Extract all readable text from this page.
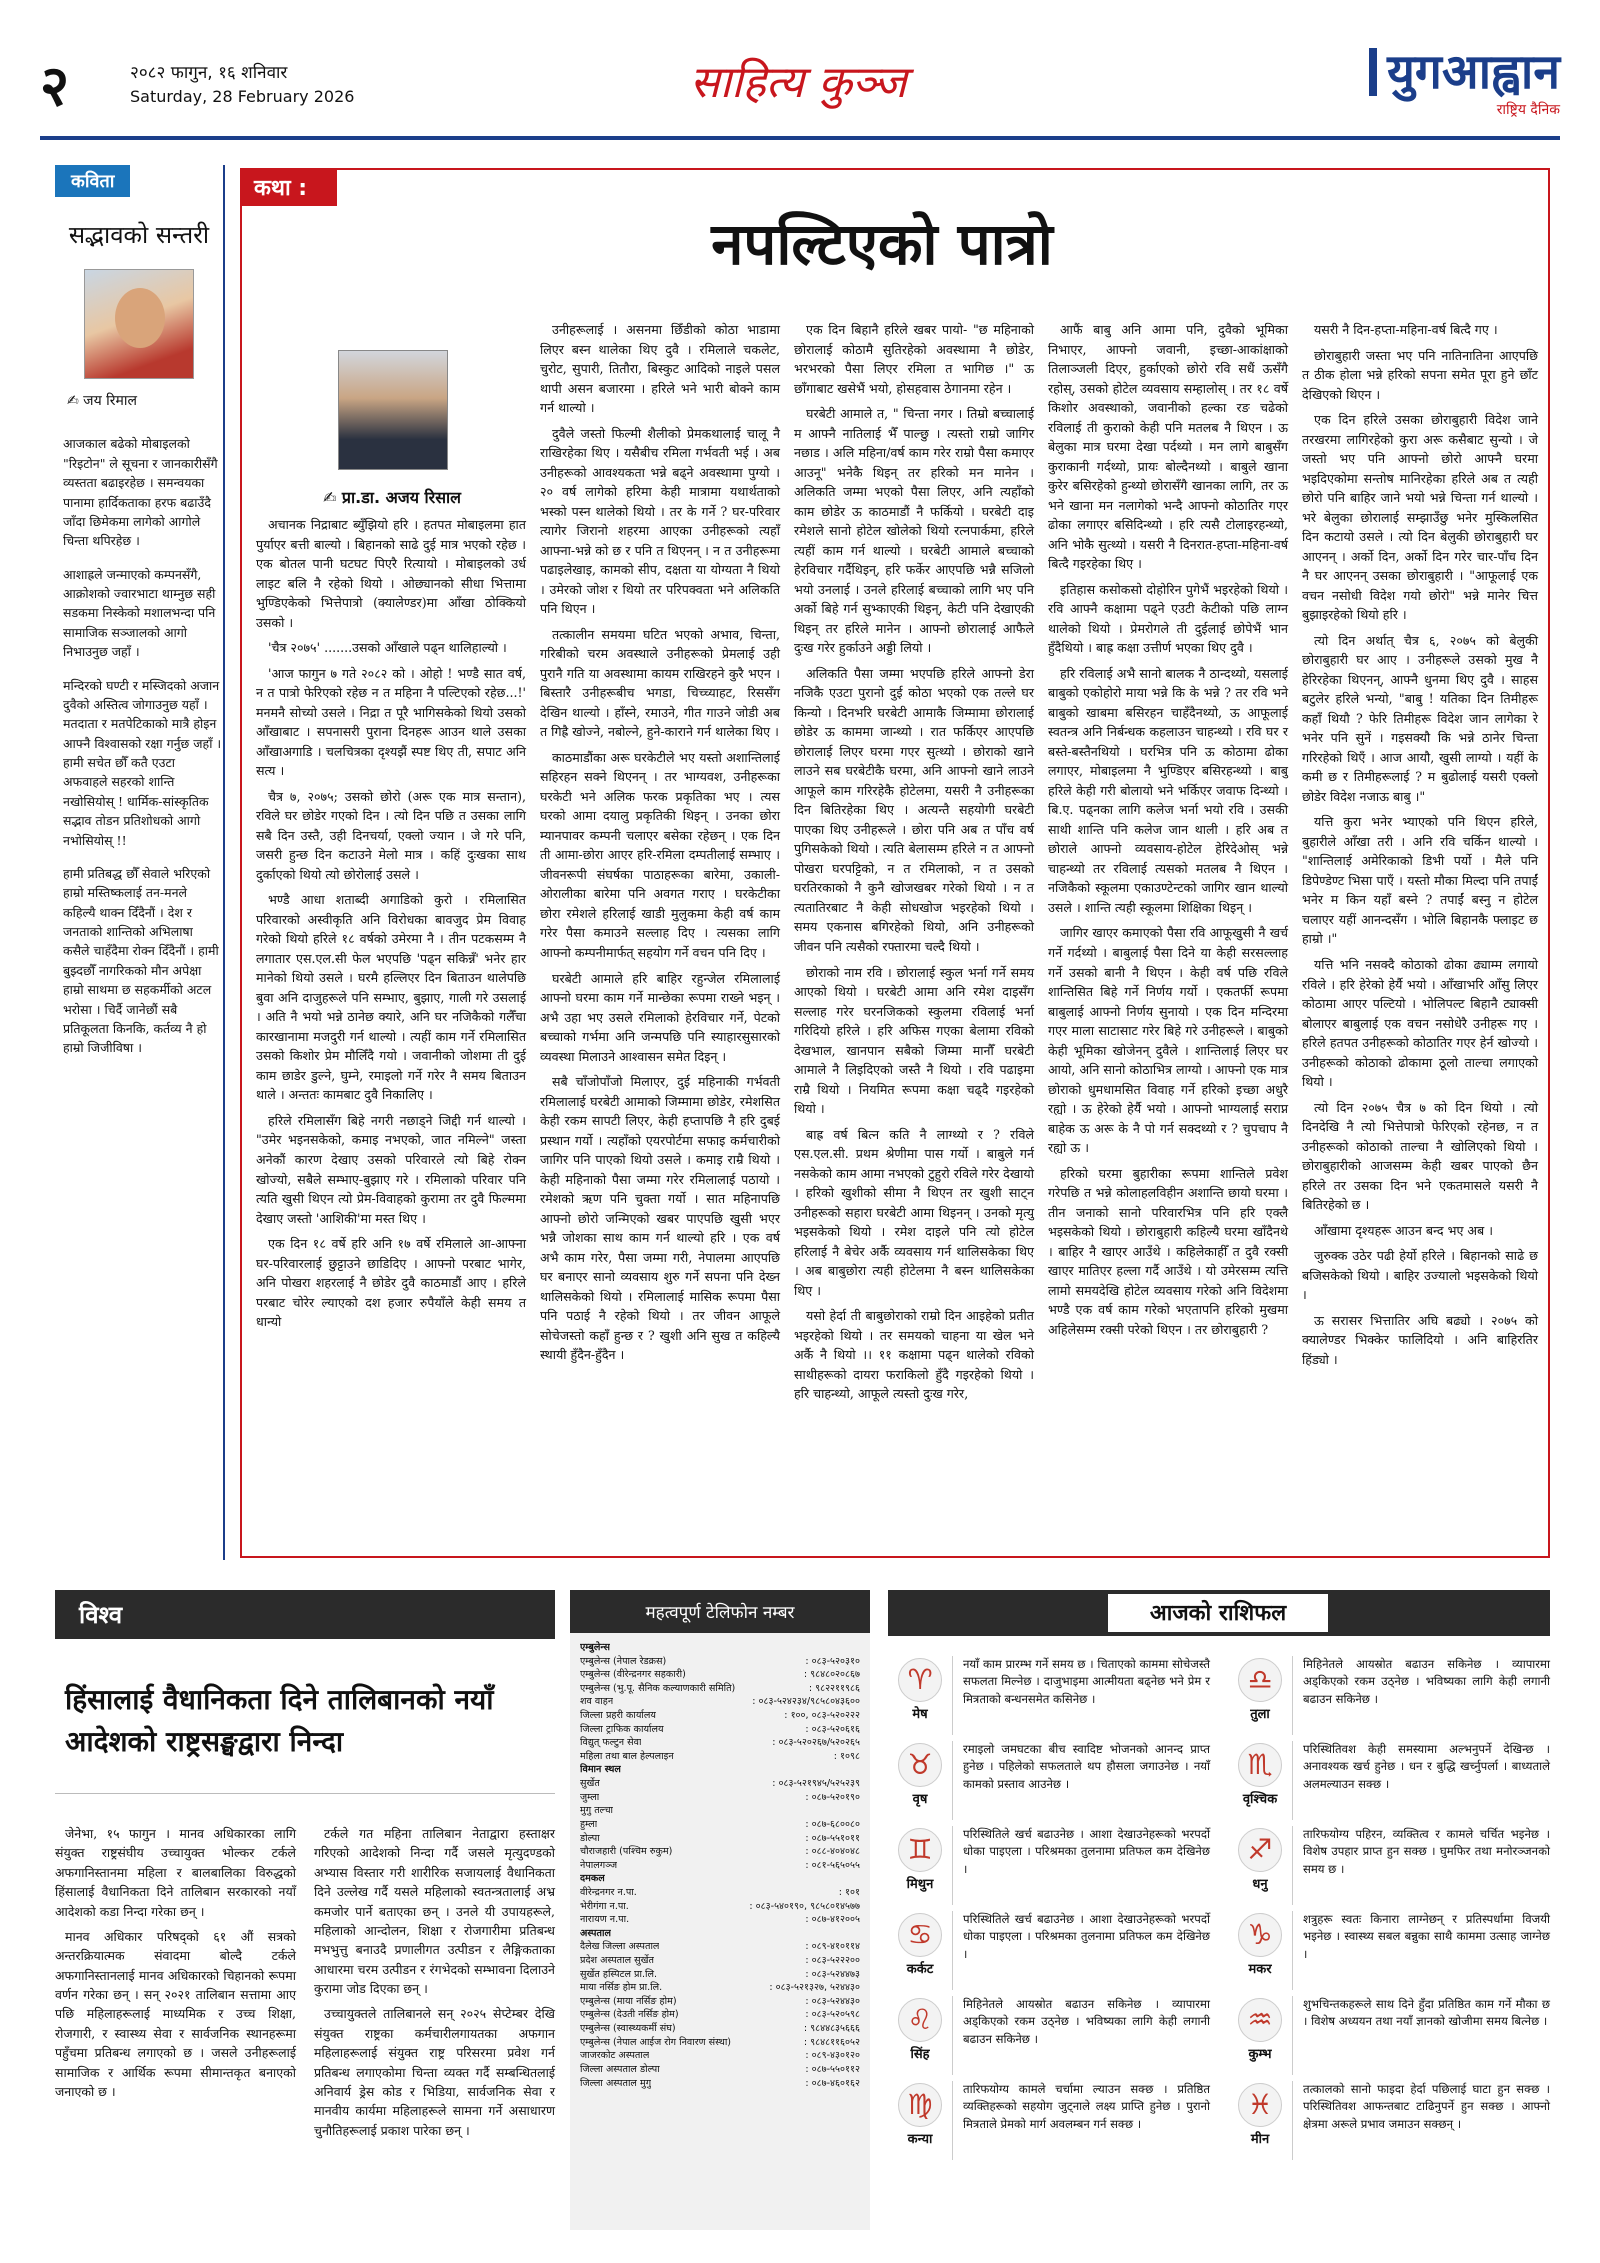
२	२०८२ फागुन, १६ शनिवार
Saturday, 28 February 2026	साहित्य कुञ्ज	युगआह्वान
राष्ट्रिय दैनिक
कविता
सद्भावको सन्तरी
✍ जय रिमाल

आजकाल बढेको मोबाइलको "रिइटोन" ले सूचना र जानकारीसँगै व्यस्तता बढाइरहेछ । समन्वयका पानामा हार्दिकताका हरफ बढाउँदै जाँदा छिमेकमा लागेको आगोले चिन्ता थपिरहेछ ।

आशाह्रले जन्माएको कम्पनसँगै, आक्रोशको ज्वारभाटा थाम्नुछ सही सडकमा निस्केको मशालभन्दा पनि सामाजिक सञ्जालको आगो निभाउनुछ जहाँ ।

मन्दिरको घण्टी र मस्जिदको अजान दुवैको अस्तित्व जोगाउनुछ यहाँ । मतदाता र मतपेटिकाको मात्रै होइन आफ्नै विश्वासको रक्षा गर्नुछ जहाँ । हामी सचेत छौँ कतै एउटा अफवाहले सहरको शान्ति नखोसियोस् ! धार्मिक-सांस्कृतिक सद्भाव तोडन प्रतिशोधको आगो नभोसियोस् !!

हामी प्रतिबद्ध छौँ सेवाले भरिएको हाम्रो मस्तिष्कलाई तन-मनले कहिल्यै थाक्न दिँदैनौं । देश र जनताको शान्तिको अभिलाषा कसैले चाहँदैमा रोक्न दिँदैनौं । हामी बुझ्दछौँ नागरिकको मौन अपेक्षा हाम्रो साथमा छ सहकर्मीको अटल भरोसा । चिर्दै जानेछौं सबै प्रतिकूलता किनकि, कर्तव्य नै हो हाम्रो जिजीविषा ।

कथा :
नपल्टिएको पात्रो
✍ प्रा.डा. अजय रिसाल

अचानक निद्राबाट ब्युँझियो हरि । हतपत मोबाइलमा हात पुर्याएर बत्ती बाल्यो । बिहानको साढे दुई मात्र भएको रहेछ । एक बोतल पानी घटघट पिएरै रित्यायो । मोबाइलको उर्ध लाइट बलि नै रहेको थियो । ओछ्यानको सीधा भित्तामा भुण्डिएकेको भित्तेपात्रो (क्यालेण्डर)मा आँखा ठोक्कियो उसको ।

'चैत्र २०७५' .......उसको आँखाले पढ्न थालिहाल्यो ।

'आज फागुन ७ गते २०८२ को । ओहो ! भण्डै सात वर्ष, न त पात्रो फेरिएको रहेछ न त महिना नै पल्टिएको रहेछ...!' मनमनै सोच्यो उसले । निद्रा त पूरै भागिसकेको थियो उसको आँखाबाट । सपनासरी पुराना दिनहरू आउन थाले उसका आँखाअगाडि । चलचित्रका दृश्यझैं स्पष्ट थिए ती, सपाट अनि सत्य ।

चैत्र ७, २०७५; उसको छोरो (अरू एक मात्र सन्तान), रविले घर छोडेर गएको दिन । त्यो दिन पछि त उसका लागि सबै दिन उस्तै, उही दिनचर्या, एक्लो ज्यान । जे गरे पनि, जसरी हुन्छ दिन कटाउने मेलो मात्र । कहिं दुःखका साथ दुर्काएको थियो त्यो छोरोलाई उसले ।

भण्डै आधा शताब्दी अगाडिको कुरो । रमिलासित परिवारको अस्वीकृति अनि विरोधका बावजुद प्रेम विवाह गरेको थियो हरिले १८ वर्षको उमेरमा नै । तीन पटकसम्म नै लगातार एस.एल.सी फेल भएपछि 'पढ्न सकिन्नँ' भनेर हार मानेको थियो उसले । घरमै हल्लिएर दिन बिताउन थालेपछि बुवा अनि दाजुहरूले पनि सम्भाए, बुझाए, गाली गरे उसलाई । अति नै भयो भन्ने ठानेछ क्यारे, अनि घर नजिकैको गलैँचा कारखानामा मजदुरी गर्न थाल्यो । त्यहीं काम गर्ने रमिलासित उसको किशोर प्रेम मौलिँदै गयो । जवानीको जोशमा ती दुई काम छाडेर डुल्ने, घुम्ने, रमाइलो गर्ने गरेर नै समय बिताउन थाले । अन्ततः कामबाट दुवै निकालिए ।

हरिले रमिलासँग बिहे नगरी नछाड्ने जिद्दी गर्न थाल्यो । "उमेर भइनसकेको, कमाइ नभएको, जात नमिल्ने" जस्ता अनेकौं कारण देखाए उसको परिवारले त्यो बिहे रोक्न खोज्यो, सबैले सम्भाए-बुझाए गरे । रमिलाको परिवार पनि त्यति खुसी थिएन त्यो प्रेम-विवाहको कुरामा तर दुवै फिल्ममा देखाए जस्तो 'आशिकी'मा मस्त थिए ।

एक दिन १८ वर्षे हरि अनि १७ वर्षे रमिलाले आ-आफ्ना घर-परिवारलाई छुट्टाउने छाडिदिए । आफ्नो परबाट भागेर, अनि पोखरा शहरलाई नै छोडेर दुवै काठमाडौं आए । हरिले परबाट चोरेर ल्याएको दश हजार रुपैयाँले केही समय त धान्यो

उनीहरूलाई । असनमा छिँडीको कोठा भाडामा लिएर बस्न थालेका थिए दुवै । रमिलाले चकलेट, चुरोट, सुपारी, तितौरा, बिस्कुट आदिको नाइले पसल थापी असन बजारमा । हरिले भने भारी बोक्ने काम गर्न थाल्यो ।

दुवैले जस्तो फिल्मी शैलीको प्रेमकथालाई चालू नै राखिरहेका थिए । यसैबीच रमिला गर्भवती भई । अब उनीहरूको आवश्यकता भन्ने बढ्ने अवस्थामा पुग्यो । २० वर्ष लागेको हरिमा केही मात्रामा यथार्थताको भस्को पस्न थालेको थियो । तर के गर्ने ? घर-परिवार त्यागेर जिरानो शहरमा आएका उनीहरूको त्यहाँ आफ्ना-भन्ने को छ र पनि त थिएनन् । न त उनीहरूमा पढाइलेखाइ, कामको सीप, दक्षता या योग्यता नै थियो । उमेरको जोश र थियो तर परिपक्वता भने अलिकति पनि थिएन ।

तत्कालीन समयमा घटित भएको अभाव, चिन्ता, गरिबीको चरम अवस्थाले उनीहरूको प्रेमलाई उही पुरानै गति या अवस्थामा कायम राखिरहने कुरै भएन । बिस्तारै उनीहरूबीच भगडा, चिच्च्याहट, रिससँग देखिन थाल्यो । हाँस्ने, रमाउने, गीत गाउने जोडी अब त गिह्रै खोज्ने, नबोल्ने, हुने-काराने गर्न थालेका थिए ।

काठमाडौंका अरू घरकेटीले भए यस्तो अशान्तिलाई सहिरहन सक्ने थिएनन् । तर भाग्यवश, उनीहरूका घरकेटी भने अलिक फरक प्रकृतिका भए । त्यस घरको आमा दयालु प्रकृतिकी थिइन् । उनका छोरा म्यानपावर कम्पनी चलाएर बसेका रहेछन् । एक दिन ती आमा-छोरा आएर हरि-रमिला दम्पतीलाई सम्भाए । जीवनरूपी संघर्षका पाठाहरूका बारेमा, उकाली-ओरालीका बारेमा पनि अवगत गराए । घरकेटीका छोरा रमेशले हरिलाई खाडी मुलुकमा केही वर्ष काम गरेर पैसा कमाउने सल्लाह दिए । त्यसका लागि आफ्नो कम्पनीमार्फत् सहयोग गर्ने वचन पनि दिए ।

घरबेटी आमाले हरि बाहिर रहुन्जेल रमिलालाई आफ्नो घरमा काम गर्ने मान्छेका रूपमा राख्ने भइन् । अभै उहा भए उसले रमिलाको हेरविचार गर्ने, पेटको बच्चाको गर्भमा अनि जन्मपछि पनि स्याहारसुसारको व्यवस्था मिलाउने आश्वासन समेत दिइन् ।

सबै चाँजोपाँजो मिलाएर, दुई महिनाकी गर्भवती रमिलालाई घरबेटी आमाको जिम्मामा छोडेर, रमेशसित केही रकम सापटी लिएर, केही हप्तापछि नै हरि दुबई प्रस्थान गर्यो । त्यहाँको एयरपोर्टमा सफाइ कर्मचारीको जागिर पनि पाएको थियो उसले । कमाइ राम्रै थियो । केही महिनाको पैसा जम्मा गरेर रमिलालाई पठायो । रमेशको ऋण पनि चुक्ता गर्यो । सात महिनापछि आफ्नो छोरो जन्मिएको खबर पाएपछि खुसी भएर भन्नै जोशका साथ काम गर्न थाल्यो हरि । एक वर्ष अभै काम गरेर, पैसा जम्मा गरी, नेपालमा आएपछि घर बनाएर सानो व्यवसाय शुरु गर्ने सपना पनि देख्न थालिसकेको थियो । रमिलालाई मासिक रूपमा पैसा पनि पठाई नै रहेको थियो । तर जीवन आफूले सोचेजस्तो कहाँ हुन्छ र ? खुशी अनि सुख त कहिल्यै स्थायी हुँदैन-हुँदैन ।

एक दिन बिहानै हरिले खबर पायो- "छ महिनाको छोरालाई कोठामै सुतिरहेको अवस्थामा नै छोडेर, भरभरको पैसा लिएर रमिला त भागिछ ।" ऊ छाँगाबाट खसेभैं भयो, होसहवास ठेगानमा रहेन ।

घरबेटी आमाले त, " चिन्ता नगर । तिम्रो बच्चालाई म आफ्नै नातिलाई भैँ पाल्छु । त्यस्तो राम्रो जागिर नछाड । अलि महिना/वर्ष काम गरेर राम्रो पैसा कमाएर आउनू" भनेकै थिइन् तर हरिको मन मानेन । अलिकति जम्मा भएको पैसा लिएर, अनि त्यहाँको काम छोडेर ऊ काठमाडौं नै फर्कियो । घरबेटी दाइ रमेशले सानो होटेल खोलेको थियो रत्नपार्कमा, हरिले त्यहीं काम गर्न थाल्यो । घरबेटी आमाले बच्चाको हेरविचार गर्दैथिइन्, हरि फर्केर आएपछि भन्नै सजिलो भयो उनलाई । उनले हरिलाई बच्चाको लागि भए पनि अर्को बिहे गर्न सुभ्काएकी थिइन्, केटी पनि देखाएकी थिइन् तर हरिले मानेन । आफ्नो छोरालाई आफैले दुःख गरेर हुर्काउने अड्डी लियो ।

अलिकति पैसा जम्मा भएपछि हरिले आफ्नो डेरा नजिकै एउटा पुरानो दुई कोठा भएको एक तल्ले घर किन्यो । दिनभरि घरबेटी आमाकै जिम्मामा छोरालाई छोडेर ऊ काममा जान्थ्यो । रात फर्किएर आएपछि छोरालाई लिएर घरमा गएर सुत्थ्यो । छोराको खाने लाउने सब घरबेटीकै घरमा, अनि आफ्नो खाने लाउने आफूले काम गरिरहेकै होटेलमा, यसरी नै उनीहरूका दिन बितिरहेका थिए । अत्यन्तै सहयोगी घरबेटी पाएका थिए उनीहरूले । छोरा पनि अब त पाँच वर्ष पुगिसकेको थियो । त्यति बेलासम्म हरिले न त आफ्नो पोखरा घरपट्टिको, न त रमिलाको, न त उसको घरतिरकाको नै कुनै खोजखबर गरेको थियो । न त त्यतातिरबाट नै केही सोधखोज भइरहेको थियो । समय एकनास बगिरहेको थियो, अनि उनीहरूको जीवन पनि त्यसैको रफ्तारमा चल्दै थियो ।

छोराको नाम रवि । छोरालाई स्कुल भर्ना गर्ने समय आएको थियो । घरबेटी आमा अनि रमेश दाइसँग सल्लाह गरेर घरनजिकको स्कुलमा रविलाई भर्ना गरिदियो हरिले । हरि अफिस गएका बेलामा रविको देखभाल, खानपान सबैको जिम्मा मानौँ घरबेटी आमाले नै लिइदिएको जस्तै नै थियो । रवि पढाइमा राम्रै थियो । नियमित रूपमा कक्षा चढ्दै गइरहेको थियो ।

बाह्र वर्ष बित्न कति नै लाग्थ्यो र ? रविले एस.एल.सी. प्रथम श्रेणीमा पास गर्यो । बाबुले गर्न नसकेको काम आमा नभएको टुहुरो रविले गरेर देखायो । हरिको खुशीको सीमा नै थिएन तर खुशी साट्न उनीहरूको सहारा घरबेटी आमा थिइनन् । उनको मृत्यु भइसकेको थियो । रमेश दाइले पनि त्यो होटेल हरिलाई नै बेचेर अर्कै व्यवसाय गर्न थालिसकेका थिए । अब बाबुछोरा त्यही होटेलमा नै बस्न थालिसकेका थिए ।

यसो हेर्दा ती बाबुछोराको राम्रो दिन आइहेको प्रतीत भइरहेको थियो । तर समयको चाहना या खेल भने अर्कै नै थियो ।। ११ कक्षामा पढ्न थालेको रविको साथीहरूको दायरा फराकिलो हुँदै गइरहेको थियो । हरि चाहन्थ्यो, आफूले त्यस्तो दुःख गरेर,

आफैं बाबु अनि आमा पनि, दुवैको भूमिका निभाएर, आफ्नो जवानी, इच्छा-आकांक्षाको तिलाञ्जली दिएर, हुर्काएको छोरो रवि सधैं ऊसँगै रहोस्, उसको होटेल व्यवसाय सम्हालोस् । तर १८ वर्षे किशोर अवस्थाको, जवानीको हल्का रङ चढेको रविलाई ती कुराको केही पनि मतलब नै थिएन । ऊ बेलुका मात्र घरमा देखा पर्दथ्यो । मन लागे बाबुसँग कुराकानी गर्दथ्यो, प्रायः बोल्दैनथ्यो । बाबुले खाना कुरेर बसिरहेको हुन्थ्यो छोरासँगै खानका लागि, तर ऊ भने खाना मन नलागेको भन्दै आफ्नो कोठातिर गएर ढोका लगाएर बसिदिन्थ्यो । हरि त्यसै टोलाइरहन्थ्यो, अनि भोकै सुत्थ्यो । यसरी नै दिनरात-हप्ता-महिना-वर्ष बित्दै गइरहेका थिए ।

इतिहास कसोकसो दोहोरिन पुगेभैं भइरहेको थियो । रवि आफ्नै कक्षामा पढ्ने एउटी केटीको पछि लाग्न थालेको थियो । प्रेमरोगले ती दुईलाई छोपेभैं भान हुँदैथियो । बाह्र कक्षा उत्तीर्ण भएका थिए दुवै ।

हरि रविलाई अभै सानो बालक नै ठान्दथ्यो, यसलाई बाबुको एकोहोरो माया भन्ने कि के भन्ने ? तर रवि भने बाबुको खाबमा बसिरहन चाहँदैनथ्यो, ऊ आफूलाई स्वतन्त्र अनि निर्बन्धक कहलाउन चाहन्थ्यो । रवि घर र बस्ते-बस्तैनथियो । घरभित्र पनि ऊ कोठामा ढोका लगाएर, मोबाइलमा नै भुण्डिएर बसिरहन्थ्यो । बाबु हरिले केही गरी बोलायो भने भर्किएर जवाफ दिन्थ्यो । बि.ए. पढ्नका लागि कलेज भर्ना भयो रवि । उसकी साथी शान्ति पनि कलेज जान थाली । हरि अब त छोराले आफ्नो व्यवसाय-होटेल हेरिदेओस् भन्ने चाहन्थ्यो तर रविलाई त्यसको मतलब नै थिएन । नजिकैको स्कूलमा एकाउण्टेन्टको जागिर खान थाल्यो उसले । शान्ति त्यही स्कूलमा शिक्षिका थिइन् ।

जागिर खाएर कमाएको पैसा रवि आफूखुसी नै खर्च गर्ने गर्दथ्यो । बाबुलाई पैसा दिने या केही सरसल्लाह गर्ने उसको बानी नै थिएन । केही वर्ष पछि रविले शान्तिसित बिहे गर्ने निर्णय गर्यो । एकतर्फी रूपमा बाबुलाई आफ्नो निर्णय सुनायो । एक दिन मन्दिरमा गएर माला साटासाट गरेर बिहे गरे उनीहरूले । बाबुको केही भूमिका खोजेनन् दुवैले । शान्तिलाई लिएर घर आयो, अनि सानो कोठाभित्र लाग्यो । आफ्नो एक मात्र छोराको धुमधामसित विवाह गर्ने हरिको इच्छा अधुरै रह्यो । ऊ हेरेको हेर्यै भयो । आफ्नो भाग्यलाई सराप्न बाहेक ऊ अरू के नै पो गर्न सक्दथ्यो र ? चुपचाप नै रह्यो ऊ ।

हरिको घरमा बुहारीका रूपमा शान्तिले प्रवेश गरेपछि त भन्ने कोलाहलविहीन अशान्ति छायो घरमा । तीन जनाको सानो परिवारभित्र पनि हरि एक्लै भइसकेको थियो । छोराबुहारी कहिल्यै घरमा खाँदैनथे । बाहिर नै खाएर आउँथे । कहिलेकाहीँ त दुवै रक्सी खाएर मातिएर हल्ला गर्दै आउँथे । यो उमेरसम्म त्यत्ति लामो समयदेखि होटेल व्यवसाय गरेको अनि विदेशमा भण्डै एक वर्ष काम गरेको भएतापनि हरिको मुखमा अहिलेसम्म रक्सी परेको थिएन । तर छोराबुहारी ?

यसरी नै दिन-हप्ता-महिना-वर्ष बित्दै गए ।

छोराबुहारी जस्ता भए पनि नातिनातिना आएपछि त ठीक होला भन्ने हरिको सपना समेत पूरा हुने छाँट देखिएको थिएन ।

एक दिन हरिले उसका छोराबुहारी विदेश जाने तरखरमा लागिरहेको कुरा अरू कसैबाट सुन्यो । जे जस्तो भए पनि आफ्नो छोरो आफ्नै घरमा भइदिएकोमा सन्तोष मानिरहेका हरिले अब त त्यही छोरो पनि बाहिर जाने भयो भन्ने चिन्ता गर्न थाल्यो । भरे बेलुका छोरालाई सम्झाउँछु भनेर मुस्किलसित दिन कटायो उसले । त्यो दिन बेलुकी छोराबुहारी घर आएनन् । अर्को दिन, अर्को दिन गरेर चार-पाँच दिन नै घर आएनन् उसका छोराबुहारी । "आफूलाई एक वचन नसोधी विदेश गयो छोरो" भन्ने मानेर चित्त बुझाइरहेको थियो हरि ।

त्यो दिन अर्थात् चैत्र ६, २०७५ को बेलुकी छोराबुहारी घर आए । उनीहरूले उसको मुख नै हेरिरहेका थिएनन्, आफ्नै धुनमा थिए दुवै । साहस बटुलेर हरिले भन्यो, "बाबु ! यतिका दिन तिमीहरू कहाँ थियौ ? फेरि तिमीहरू विदेश जान लागेका रे भनेर पनि सुनें । गइसक्यौ कि भन्ने ठानेर चिन्ता गरिरहेको थिएँ । आज आयौ, खुसी लाग्यो । यहीं के कमी छ र तिमीहरूलाई ? म बुढोलाई यसरी एक्लो छोडेर विदेश नजाऊ बाबु ।"

यत्ति कुरा भनेर भ्याएको पनि थिएन हरिले, बुहारीले आँखा तरी । अनि रवि चर्किन थाल्यो । "शान्तिलाई अमेरिकाको डिभी पर्यो । मैले पनि डिपेण्डेण्ट भिसा पाएँ । यस्तो मौका मिल्दा पनि तपाईं भनेर म किन यहाँ बस्ने ? तपाईं बस्नु न होटेल चलाएर यहीं आनन्दसँग । भोलि बिहानकै फ्लाइट छ हाम्रो ।"

यत्ति भनि नसक्दै कोठाको ढोका ढ्याम्म लगायो रविले । हरि हेरेको हेर्यै भयो । आँखाभरि आँसु लिएर कोठामा आएर पल्टियो । भोलिपल्ट बिहानै ट्याक्सी बोलाएर बाबुलाई एक वचन नसोधेरै उनीहरू गए । हरिले हतपत उनीहरूको कोठातिर गएर हेर्न खोज्यो । उनीहरूको कोठाको ढोकामा ठूलो ताल्चा लगाएको थियो ।

त्यो दिन २०७५ चैत्र ७ को दिन थियो । त्यो दिनदेखि नै त्यो भित्तेपात्रो फेरिएको रहेनछ, न त उनीहरूको कोठाको ताल्चा नै खोलिएको थियो । छोराबुहारीको आजसम्म केही खबर पाएको छैन हरिले तर उसका दिन भने एकतमासले यसरी नै बितिरहेको छ ।

आँखामा दृश्यहरू आउन बन्द भए अब ।

जुरुक्क उठेर पढी हेर्यो हरिले । बिहानको साढे छ बजिसकेको थियो । बाहिर उज्यालो भइसकेको थियो ।

ऊ सरासर भित्तातिर अघि बढ्यो । २०७५ को क्यालेण्डर भिक्केर फालिदियो । अनि बाहिरतिर हिंड्यो ।

विश्व
हिंसालाई वैधानिकता दिने तालिबानको नयाँ आदेशको राष्ट्रसङ्घद्वारा निन्दा

जेनेभा, १५ फागुन । मानव अधिकारका लागि संयुक्त राष्ट्रसंघीय उच्चायुक्त भोल्कर टर्कले अफगानिस्तानमा महिला र बालबालिका विरुद्धको हिंसालाई वैधानिकता दिने तालिबान सरकारको नयाँ आदेशको कडा निन्दा गरेका छन् ।

मानव अधिकार परिषद्को ६१ औं सत्रको अन्तरक्रियात्मक संवादमा बोल्दै टर्कले अफगानिस्तानलाई मानव अधिकारको चिहानको रूपमा वर्णन गरेका छन् । सन् २०२१ तालिबान सत्तामा आए पछि महिलाहरूलाई माध्यमिक र उच्च शिक्षा, रोजगारी, र स्वास्थ्य सेवा र सार्वजनिक स्थानहरूमा पहुँचमा प्रतिबन्ध लगाएको छ । जसले उनीहरूलाई सामाजिक र आर्थिक रूपमा सीमान्तकृत बनाएको जनाएको छ ।

टर्कले गत महिना तालिबान नेताद्वारा हस्ताक्षर गरिएको आदेशको निन्दा गर्दै जसले मृत्युदण्डको अभ्यास विस्तार गरी शारीरिक सजायलाई वैधानिकता दिने उल्लेख गर्दै यसले महिलाको स्वतन्त्रतालाई अभ्र कमजोर पार्ने बताएका छन् । उनले यी उपायहरूले, महिलाको आन्दोलन, शिक्षा र रोजगारीमा प्रतिबन्ध मभभुत्तु बनाउदै प्रणालीगत उत्पीडन र लैङ्गिकताका आधारमा चरम उत्पीडन र रंगभेदको सम्भावना दिलाउने कुरामा जोड दिएका छन् ।

उच्चायुक्तले तालिबानले सन् २०२५ सेप्टेम्बर देखि संयुक्त राष्ट्रका कर्मचारीलगायतका अफगान महिलाहरूलाई संयुक्त राष्ट्र परिसरमा प्रवेश गर्न प्रतिबन्ध लगाएकोमा चिन्ता व्यक्त गर्दै सम्बन्धितलाई अनिवार्य ड्रेस कोड र भिडिया, सार्वजनिक सेवा र मानवीय कार्यमा महिलाहरूले सामना गर्ने असाधारण चुनौतिहरूलाई प्रकाश पारेका छन् ।

महत्वपूर्ण टेलिफोन नम्बर
एम्बुलेन्स
एम्बुलेन्स (नेपाल रेडक्रस)	: ०८३-५२०३१०
एम्बुलेन्स (वीरेन्द्रनगर सहकारी)	: ९८४८०२०८६७
एम्बुलेन्स (भु.पू. सैनिक कल्याणकारी समिति)	: ९८२२११९८६
शव वाहन	: ०८३-५२४२३४/९८५८०४३६००
जिल्ला प्रहरी कार्यालय	: १००, ०८३-५२०२२२
जिल्ला ट्राफिक कार्यालय	: ०८३-५२०६१६
विद्युत् फल्टुन सेवा	: ०८३-५२०२६७/५२०२६५
महिला तथा बाल हेल्पलाइन	: १०९८
विमान स्थल
सुर्खेत	: ०८३-५२१९४५/५२५२३९
जुम्ला	: ०८७-५२०१९०
मुगु तल्चा
हुम्ला	: ०८७-६८००८०
डोल्पा	: ०८७-५५१०११
चौराजहारी (पश्चिम रुकुम)	: ०८८-४०४०४८
नेपालगञ्ज	: ०८१-५६५०५५
दमकल
वीरेन्द्रनगर न.पा.	: १०१
भेरीगंगा न.पा.	: ०८३-५४०१९०, ९८५८०१४५७७
नारायण न.पा.	: ०८७-४१२००५
अस्पताल
दैलेख जिल्ला अस्पताल	: ०८९-४१०११४
प्रदेश अस्पताल सुर्खेत	: ०८३-५२२२००
सुर्खेत हस्पिटल प्रा.लि.	: ०८३-५२४४७३
माया नर्सिङ होम प्रा.लि.	: ०८३-५२१३२७, ५२४४३०
एम्बुलेन्स (माया नर्सिङ होम)	: ०८३-५२४४३०
एम्बुलेन्स (देउती नर्सिङ होम)	: ०८३-५२०५९८
एम्बुलेन्स (स्वास्थ्यकर्मी संघ)	: ९८४४८३५६६६
एम्बुलेन्स (नेपाल आईज रोग निवारण संस्था)	: ९८४८११६०५२
जाजरकोट अस्पताल	: ०८९-४३०१२०
जिल्ला अस्पताल डोल्पा	: ०८७-५५०११२
जिल्ला अस्पताल मुगु	: ०८७-४६०१६२
आजको राशिफल
♈
मेष
नयाँ काम प्रारम्भ गर्ने समय छ । चिताएको काममा सोचेजस्तै सफलता मिल्नेछ । दाजुभाइमा आत्मीयता बढ्नेछ भने प्रेम र मित्रताको बन्धनसमेत कसिनेछ ।
♎
तुला
मिहिनेतले आयस्रोत बढाउन सकिनेछ । व्यापारमा अड्किएको रकम उठ्नेछ । भविष्यका लागि केही लगानी बढाउन सकिनेछ ।
♉
वृष
रमाइलो जमघटका बीच स्वादिष्ट भोजनको आनन्द प्राप्त हुनेछ । पहिलेको सफलताले थप हौसला जगाउनेछ । नयाँ कामको प्रस्ताव आउनेछ ।
♏
वृश्चिक
परिस्थितिवश केही समस्यामा अल्भनुपर्ने देखिन्छ । अनावश्यक खर्च हुनेछ । धन र बुद्धि खर्च्नुपर्ला । बाध्यताले अलमल्याउन सक्छ ।
♊
मिथुन
परिस्थितिले खर्च बढाउनेछ । आशा देखाउनेहरूको भरपर्दो धोका पाइएला । परिश्रमका तुलनामा प्रतिफल कम देखिनेछ ।
♐
धनु
तारिफयोग्य पहिरन, व्यक्तित्व र कामले चर्चित भइनेछ । विशेष उपहार प्राप्त हुन सक्छ । घुमफिर तथा मनोरञ्जनको समय छ ।
♋
कर्कट
परिस्थितिले खर्च बढाउनेछ । आशा देखाउनेहरूको भरपर्दो धोका पाइएला । परिश्रमका तुलनामा प्रतिफल कम देखिनेछ ।
♑
मकर
शत्रुहरू स्वतः किनारा लाग्नेछन् र प्रतिस्पर्धामा विजयी भइनेछ । स्वास्थ्य सबल बन्नुका साथै काममा उत्साह जाग्नेछ ।
♌
सिंह
मिहिनेतले आयस्रोत बढाउन सकिनेछ । व्यापारमा अड्किएको रकम उठ्नेछ । भविष्यका लागि केही लगानी बढाउन सकिनेछ ।
♒
कुम्भ
शुभचिन्तकहरूले साथ दिने हुँदा प्रतिष्ठित काम गर्ने मौका छ । विशेष अध्ययन तथा नयाँ ज्ञानको खोजीमा समय बित्नेछ ।
♍
कन्या
तारिफयोग्य कामले चर्चामा ल्याउन सक्छ । प्रतिष्ठित व्यक्तिहरूको सहयोग जुट्नाले लक्ष्य प्राप्ति हुनेछ । पुरानो मित्रताले प्रेमको मार्ग अवलम्बन गर्न सक्छ ।
♓
मीन
तत्कालको सानो फाइदा हेर्दा पछिलाई घाटा हुन सक्छ । परिस्थितिवश आफन्तबाट टाढिनुपर्ने हुन सक्छ । आफ्नो क्षेत्रमा अरूले प्रभाव जमाउन सक्छन् ।
